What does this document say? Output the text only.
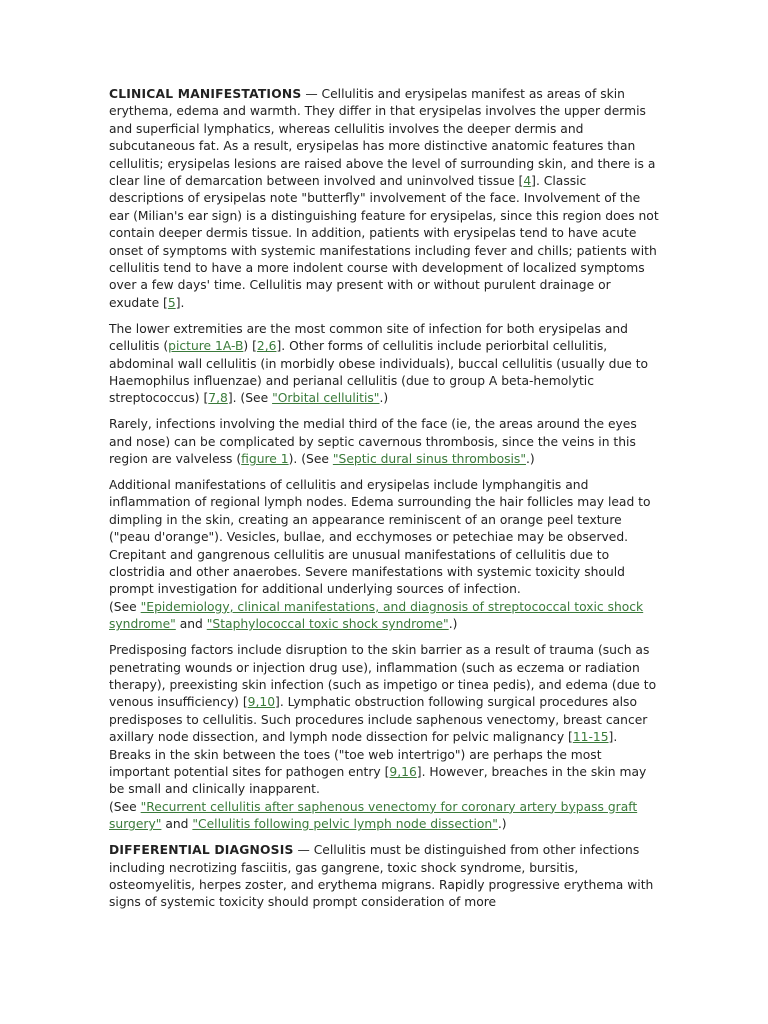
CLINICAL MANIFESTATIONS — Cellulitis and erysipelas manifest as areas of skin erythema, edema and warmth. They differ in that erysipelas involves the upper dermis and superficial lymphatics, whereas cellulitis involves the deeper dermis and subcutaneous fat. As a result, erysipelas has more distinctive anatomic features than cellulitis; erysipelas lesions are raised above the level of surrounding skin, and there is a clear line of demarcation between involved and uninvolved tissue [4]. Classic descriptions of erysipelas note "butterfly" involvement of the face. Involvement of the ear (Milian's ear sign) is a distinguishing feature for erysipelas, since this region does not contain deeper dermis tissue. In addition, patients with erysipelas tend to have acute onset of symptoms with systemic manifestations including fever and chills; patients with cellulitis tend to have a more indolent course with development of localized symptoms over a few days' time. Cellulitis may present with or without purulent drainage or exudate [5].

The lower extremities are the most common site of infection for both erysipelas and cellulitis (picture 1A-B) [2,6]. Other forms of cellulitis include periorbital cellulitis, abdominal wall cellulitis (in morbidly obese individuals), buccal cellulitis (usually due to Haemophilus influenzae) and perianal cellulitis (due to group A beta-hemolytic streptococcus) [7,8]. (See "Orbital cellulitis".)

Rarely, infections involving the medial third of the face (ie, the areas around the eyes and nose) can be complicated by septic cavernous thrombosis, since the veins in this region are valveless (figure 1). (See "Septic dural sinus thrombosis".)

Additional manifestations of cellulitis and erysipelas include lymphangitis and inflammation of regional lymph nodes. Edema surrounding the hair follicles may lead to dimpling in the skin, creating an appearance reminiscent of an orange peel texture ("peau d'orange"). Vesicles, bullae, and ecchymoses or petechiae may be observed. Crepitant and gangrenous cellulitis are unusual manifestations of cellulitis due to clostridia and other anaerobes. Severe manifestations with systemic toxicity should prompt investigation for additional underlying sources of infection.
(See "Epidemiology, clinical manifestations, and diagnosis of streptococcal toxic shock syndrome" and "Staphylococcal toxic shock syndrome".)

Predisposing factors include disruption to the skin barrier as a result of trauma (such as penetrating wounds or injection drug use), inflammation (such as eczema or radiation therapy), preexisting skin infection (such as impetigo or tinea pedis), and edema (due to venous insufficiency) [9,10]. Lymphatic obstruction following surgical procedures also predisposes to cellulitis. Such procedures include saphenous venectomy, breast cancer axillary node dissection, and lymph node dissection for pelvic malignancy [11-15]. Breaks in the skin between the toes ("toe web intertrigo") are perhaps the most important potential sites for pathogen entry [9,16]. However, breaches in the skin may be small and clinically inapparent.
(See "Recurrent cellulitis after saphenous venectomy for coronary artery bypass graft surgery" and "Cellulitis following pelvic lymph node dissection".)

DIFFERENTIAL DIAGNOSIS — Cellulitis must be distinguished from other infections including necrotizing fasciitis, gas gangrene, toxic shock syndrome, bursitis, osteomyelitis, herpes zoster, and erythema migrans. Rapidly progressive erythema with signs of systemic toxicity should prompt consideration of more
